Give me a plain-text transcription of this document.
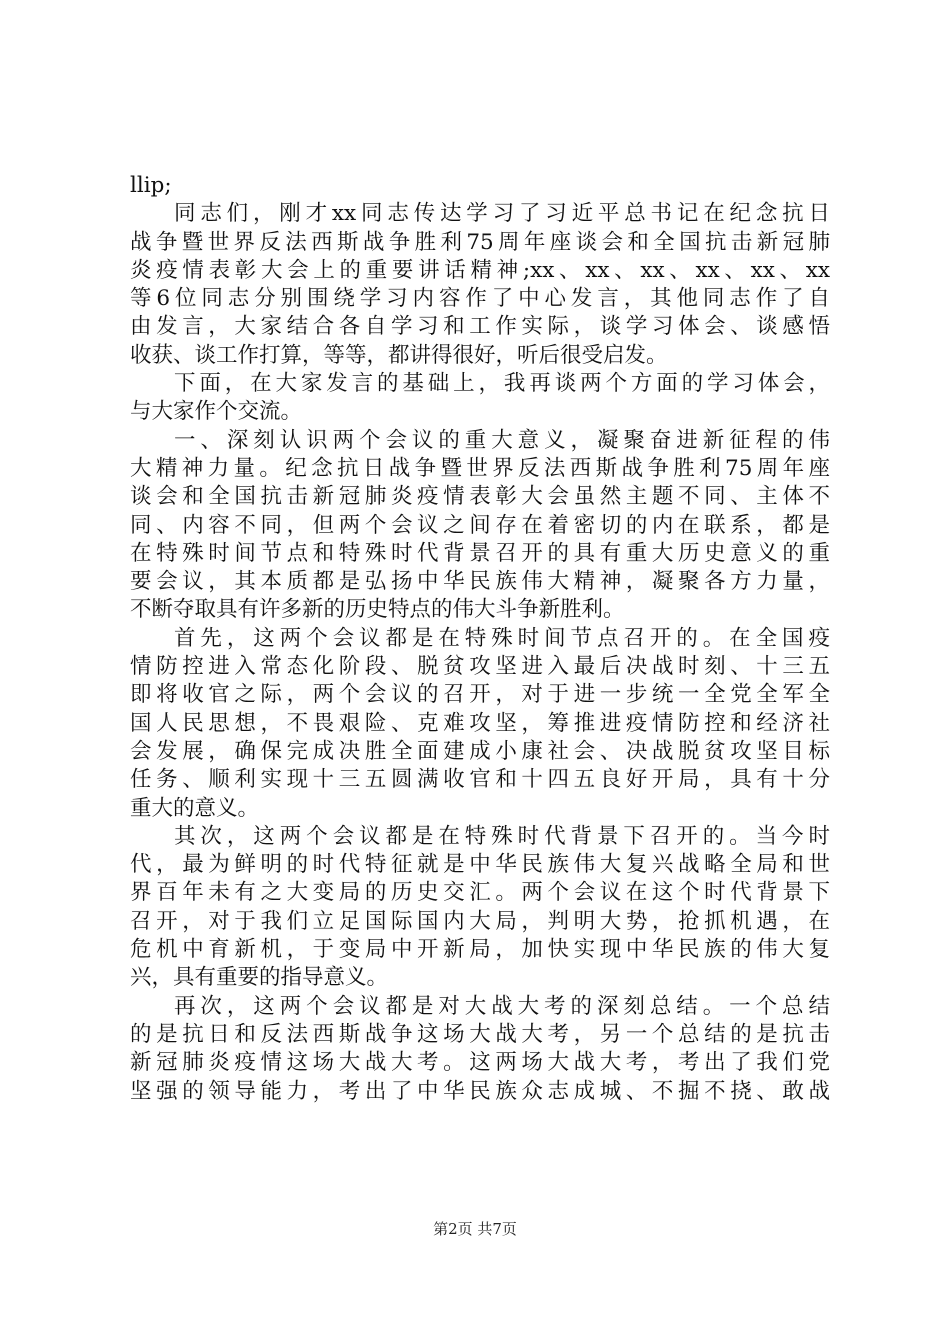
llip;
同志们，刚才xx同志传达学习了习近平总书记在纪念抗日
战争暨世界反法西斯战争胜利75周年座谈会和全国抗击新冠肺
炎疫情表彰大会上的重要讲话精神;xx、xx、xx、xx、xx、xx
等6位同志分别围绕学习内容作了中心发言，其他同志作了自
由发言，大家结合各自学习和工作实际，谈学习体会、谈感悟
收获、谈工作打算，等等，都讲得很好，听后很受启发。
下面，在大家发言的基础上，我再谈两个方面的学习体会，
与大家作个交流。
一、深刻认识两个会议的重大意义，凝聚奋进新征程的伟
大精神力量。纪念抗日战争暨世界反法西斯战争胜利75周年座
谈会和全国抗击新冠肺炎疫情表彰大会虽然主题不同、主体不
同、内容不同，但两个会议之间存在着密切的内在联系，都是
在特殊时间节点和特殊时代背景召开的具有重大历史意义的重
要会议，其本质都是弘扬中华民族伟大精神，凝聚各方力量，
不断夺取具有许多新的历史特点的伟大斗争新胜利。
首先，这两个会议都是在特殊时间节点召开的。在全国疫
情防控进入常态化阶段、脱贫攻坚进入最后决战时刻、十三五
即将收官之际，两个会议的召开，对于进一步统一全党全军全
国人民思想，不畏艰险、克难攻坚，筹推进疫情防控和经济社
会发展，确保完成决胜全面建成小康社会、决战脱贫攻坚目标
任务、顺利实现十三五圆满收官和十四五良好开局，具有十分
重大的意义。
其次，这两个会议都是在特殊时代背景下召开的。当今时
代，最为鲜明的时代特征就是中华民族伟大复兴战略全局和世
界百年未有之大变局的历史交汇。两个会议在这个时代背景下
召开，对于我们立足国际国内大局，判明大势，抢抓机遇，在
危机中育新机，于变局中开新局，加快实现中华民族的伟大复
兴，具有重要的指导意义。
再次，这两个会议都是对大战大考的深刻总结。一个总结
的是抗日和反法西斯战争这场大战大考，另一个总结的是抗击
新冠肺炎疫情这场大战大考。这两场大战大考，考出了我们党
坚强的领导能力，考出了中华民族众志成城、不掘不挠、敢战
第2页 共7页
